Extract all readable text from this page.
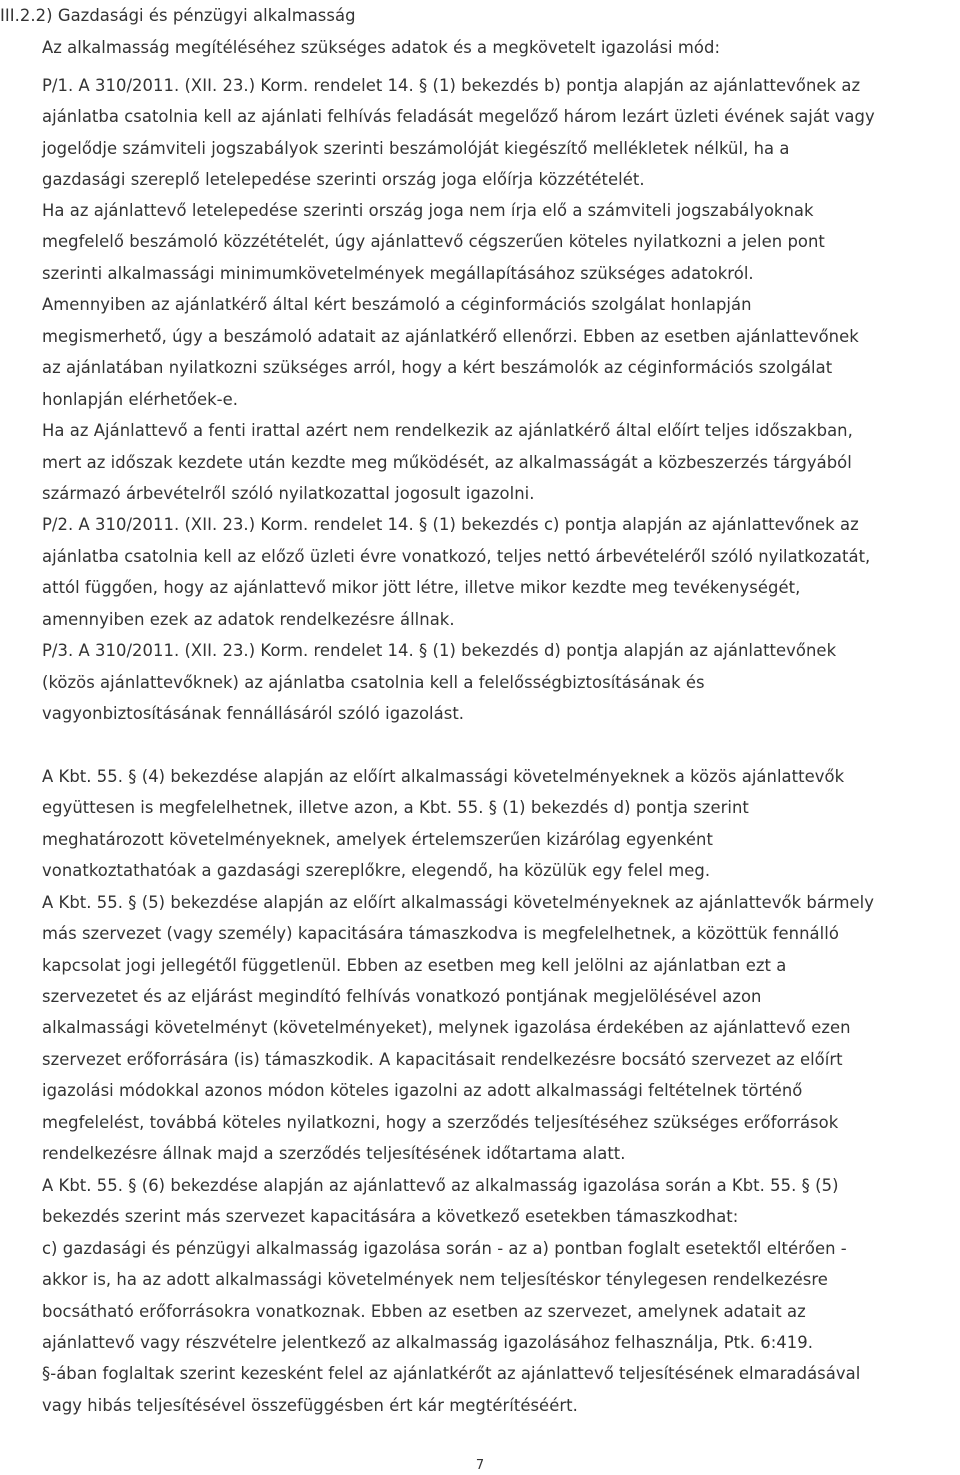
III.2.2) Gazdasági és pénzügyi alkalmasság
Az alkalmasság megítéléséhez szükséges adatok és a megkövetelt igazolási mód:
P/1. A 310/2011. (XII. 23.) Korm. rendelet 14. § (1) bekezdés b) pontja alapján az ajánlattevőnek az
ajánlatba csatolnia kell az ajánlati felhívás feladását megelőző három lezárt üzleti évének saját vagy
jogelődje számviteli jogszabályok szerinti beszámolóját kiegészítő mellékletek nélkül, ha a
gazdasági szereplő letelepedése szerinti ország joga előírja közzétételét.
Ha az ajánlattevő letelepedése szerinti ország joga nem írja elő a számviteli jogszabályoknak
megfelelő beszámoló közzétételét, úgy ajánlattevő cégszerűen köteles nyilatkozni a jelen pont
szerinti alkalmassági minimumkövetelmények megállapításához szükséges adatokról.
Amennyiben az ajánlatkérő által kért beszámoló a céginformációs szolgálat honlapján
megismerhető, úgy a beszámoló adatait az ajánlatkérő ellenőrzi. Ebben az esetben ajánlattevőnek
az ajánlatában nyilatkozni szükséges arról, hogy a kért beszámolók az céginformációs szolgálat
honlapján elérhetőek-e.
Ha az Ajánlattevő a fenti irattal azért nem rendelkezik az ajánlatkérő által előírt teljes időszakban,
mert az időszak kezdete után kezdte meg működését, az alkalmasságát a közbeszerzés tárgyából
származó árbevételről szóló nyilatkozattal jogosult igazolni.
P/2. A 310/2011. (XII. 23.) Korm. rendelet 14. § (1) bekezdés c) pontja alapján az ajánlattevőnek az
ajánlatba csatolnia kell az előző üzleti évre vonatkozó, teljes nettó árbevételéről szóló nyilatkozatát,
attól függően, hogy az ajánlattevő mikor jött létre, illetve mikor kezdte meg tevékenységét,
amennyiben ezek az adatok rendelkezésre állnak.
P/3. A 310/2011. (XII. 23.) Korm. rendelet 14. § (1) bekezdés d) pontja alapján az ajánlattevőnek
(közös ajánlattevőknek) az ajánlatba csatolnia kell a felelősségbiztosításának és
vagyonbiztosításának fennállásáról szóló igazolást.
A Kbt. 55. § (4) bekezdése alapján az előírt alkalmassági követelményeknek a közös ajánlattevők
együttesen is megfelelhetnek, illetve azon, a Kbt. 55. § (1) bekezdés d) pontja szerint
meghatározott követelményeknek, amelyek értelemszerűen kizárólag egyenként
vonatkoztathatóak a gazdasági szereplőkre, elegendő, ha közülük egy felel meg.
A Kbt. 55. § (5) bekezdése alapján az előírt alkalmassági követelményeknek az ajánlattevők bármely
más szervezet (vagy személy) kapacitására támaszkodva is megfelelhetnek, a közöttük fennálló
kapcsolat jogi jellegétől függetlenül. Ebben az esetben meg kell jelölni az ajánlatban ezt a
szervezetet és az eljárást megindító felhívás vonatkozó pontjának megjelölésével azon
alkalmassági követelményt (követelményeket), melynek igazolása érdekében az ajánlattevő ezen
szervezet erőforrására (is) támaszkodik. A kapacitásait rendelkezésre bocsátó szervezet az előírt
igazolási módokkal azonos módon köteles igazolni az adott alkalmassági feltételnek történő
megfelelést, továbbá köteles nyilatkozni, hogy a szerződés teljesítéséhez szükséges erőforrások
rendelkezésre állnak majd a szerződés teljesítésének időtartama alatt.
A Kbt. 55. § (6) bekezdése alapján az ajánlattevő az alkalmasság igazolása során a Kbt. 55. § (5)
bekezdés szerint más szervezet kapacitására a következő esetekben támaszkodhat:
c) gazdasági és pénzügyi alkalmasság igazolása során - az a) pontban foglalt esetektől eltérően -
akkor is, ha az adott alkalmassági követelmények nem teljesítéskor ténylegesen rendelkezésre
bocsátható erőforrásokra vonatkoznak. Ebben az esetben az szervezet, amelynek adatait az
ajánlattevő vagy részvételre jelentkező az alkalmasság igazolásához felhasználja, Ptk. 6:419.
§-ában foglaltak szerint kezesként felel az ajánlatkérőt az ajánlattevő teljesítésének elmaradásával
vagy hibás teljesítésével összefüggésben ért kár megtérítéséért.
7
